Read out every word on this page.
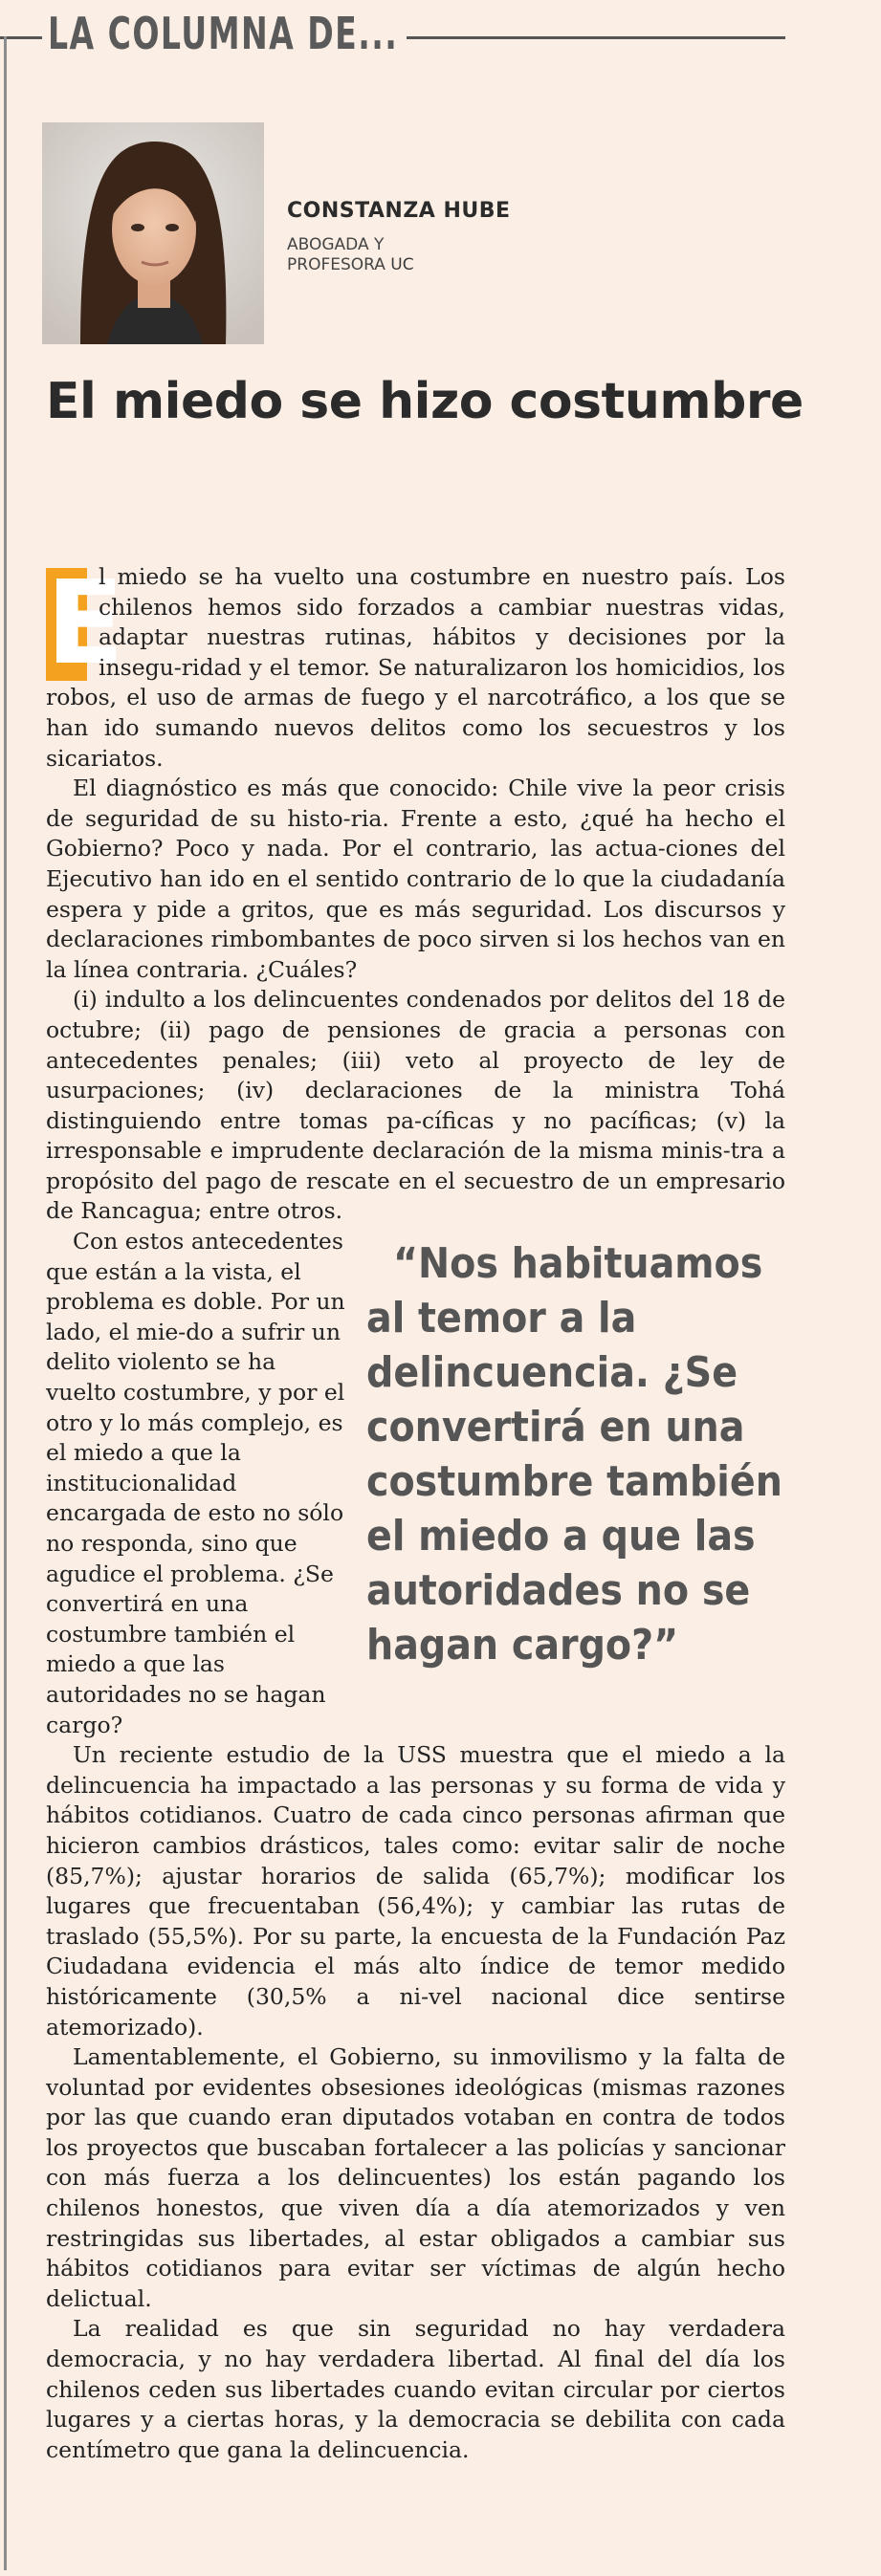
LA COLUMNA DE...
CONSTANZA HUBE
ABOGADA Y
PROFESORA UC
El miedo se hizo costumbre

E
l miedo se ha vuelto una costumbre en nuestro país. Los chilenos hemos sido forzados a cambiar nuestras vidas, adaptar nuestras rutinas, hábitos y decisiones por la insegu-ridad y el temor. Se naturalizaron los homicidios, los robos, el uso de armas de fuego y el narcotráfico, a los que se han ido sumando nuevos delitos como los secuestros y los sicariatos.

El diagnóstico es más que conocido: Chile vive la peor crisis de seguridad de su histo-ria. Frente a esto, ¿qué ha hecho el Gobierno? Poco y nada. Por el contrario, las actua-ciones del Ejecutivo han ido en el sentido contrario de lo que la ciudadanía espera y pide a gritos, que es más seguridad. Los discursos y declaraciones rimbombantes de poco sirven si los hechos van en la línea contraria. ¿Cuáles?

(i) indulto a los delincuentes condenados por delitos del 18 de octubre; (ii) pago de pensiones de gracia a personas con antecedentes penales; (iii) veto al proyecto de ley de usurpaciones; (iv) declaraciones de la ministra Tohá distinguiendo entre tomas pa-cíficas y no pacíficas; (v) la irresponsable e imprudente declaración de la misma minis-tra a propósito del pago de rescate en el secuestro de un empresario de Rancagua; entre otros.

“Nos habituamos al temor a la delincuencia. ¿Se convertirá en una costumbre también el miedo a que las autoridades no se hagan cargo?”
Con estos antecedentes que están a la vista, el problema es doble. Por un lado, el mie-do a sufrir un delito violento se ha vuelto costumbre, y por el otro y lo más complejo, es el miedo a que la institucionalidad encargada de esto no sólo no responda, sino que agudice el problema. ¿Se convertirá en una costumbre también el miedo a que las autoridades no se hagan cargo?

Un reciente estudio de la USS muestra que el miedo a la delincuencia ha impactado a las personas y su forma de vida y hábitos cotidianos. Cuatro de cada cinco personas afirman que hicieron cambios drásticos, tales como: evitar salir de noche (85,7%); ajustar horarios de salida (65,7%); modificar los lugares que frecuentaban (56,4%); y cambiar las rutas de traslado (55,5%). Por su parte, la encuesta de la Fundación Paz Ciudadana evidencia el más alto índice de temor medido históricamente (30,5% a ni-vel nacional dice sentirse atemorizado).

Lamentablemente, el Gobierno, su inmovilismo y la falta de voluntad por evidentes obsesiones ideológicas (mismas razones por las que cuando eran diputados votaban en contra de todos los proyectos que buscaban fortalecer a las policías y sancionar con más fuerza a los delincuentes) los están pagando los chilenos honestos, que viven día a día atemorizados y ven restringidas sus libertades, al estar obligados a cambiar sus hábitos cotidianos para evitar ser víctimas de algún hecho delictual.

La realidad es que sin seguridad no hay verdadera democracia, y no hay verdadera libertad. Al final del día los chilenos ceden sus libertades cuando evitan circular por ciertos lugares y a ciertas horas, y la democracia se debilita con cada centímetro que gana la delincuencia.
